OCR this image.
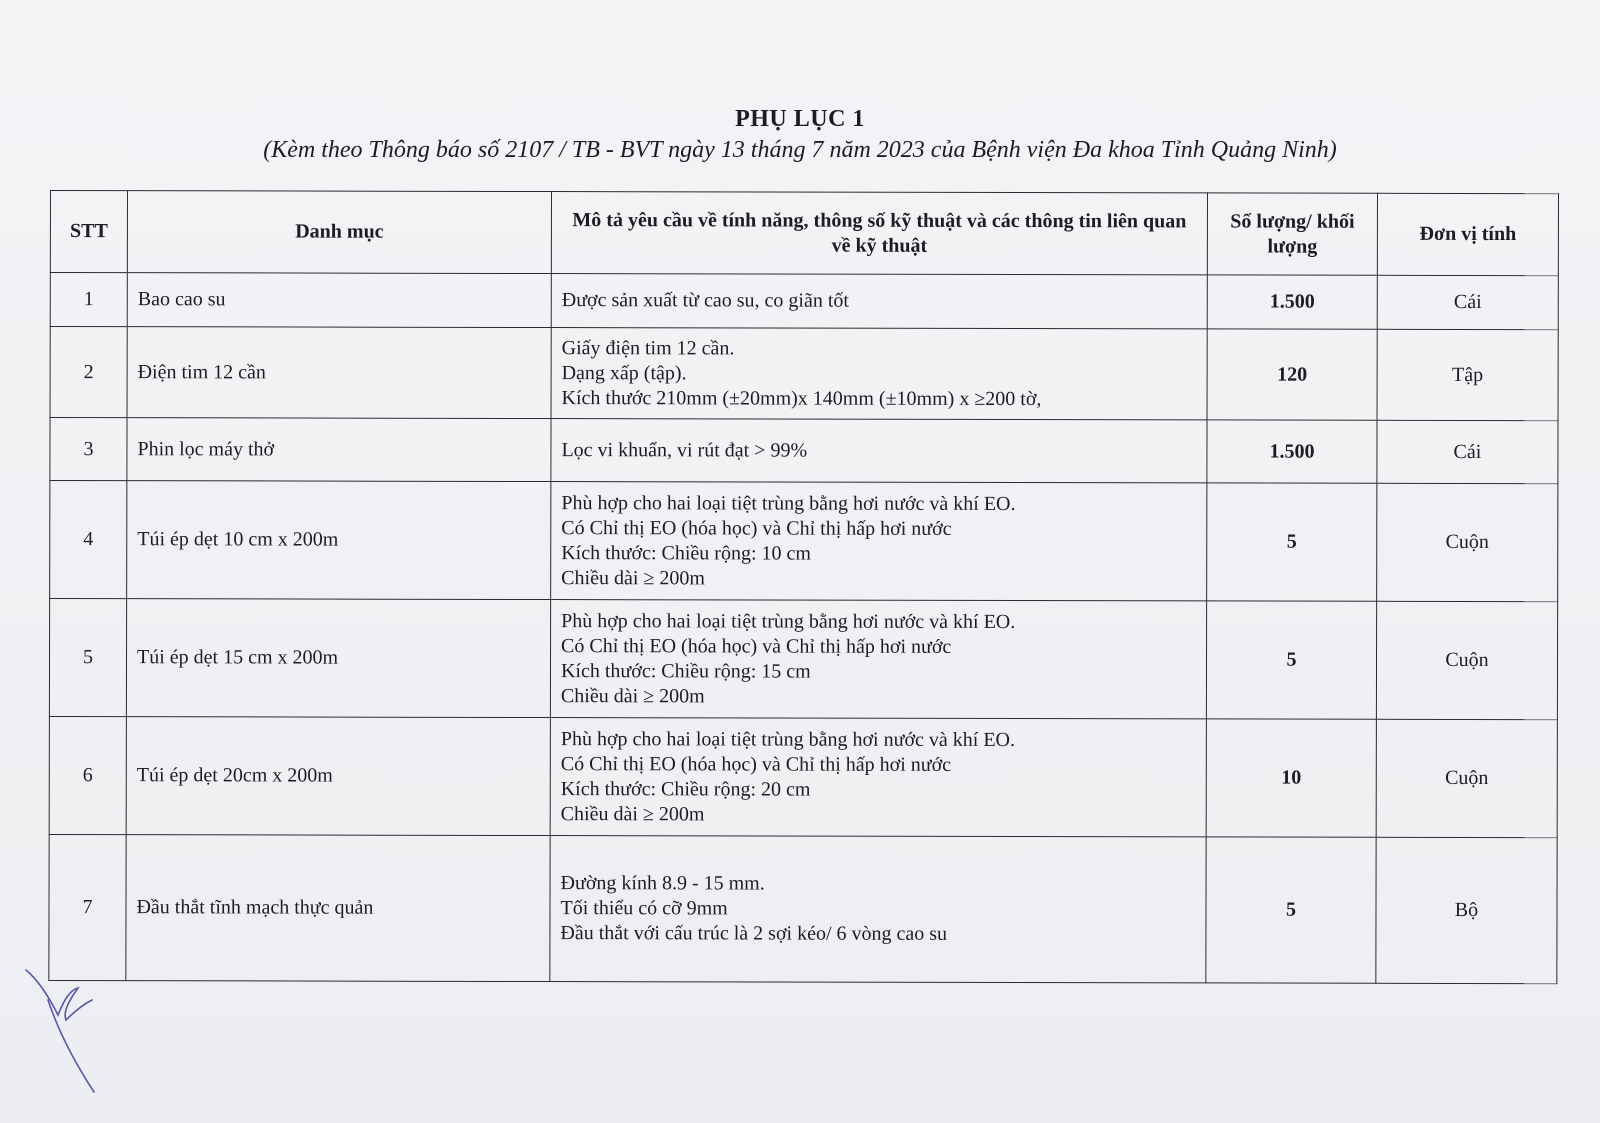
PHỤ LỤC 1
(Kèm theo Thông báo số 2107 / TB - BVT ngày 13 tháng 7 năm 2023 của Bệnh viện Đa khoa Tỉnh Quảng Ninh)
STT	Danh mục	Mô tả yêu cầu về tính năng, thông số kỹ thuật và các thông tin liên quan về kỹ thuật	Số lượng/ khối lượng	Đơn vị tính
1	Bao cao su	Được sản xuất từ cao su, co giãn tốt	1.500	Cái
2	Điện tim 12 cần	Giấy điện tim 12 cần.
Dạng xấp (tập).
Kích thước 210mm (±20mm)x 140mm (±10mm) x ≥200 tờ,	120	Tập
3	Phin lọc máy thở	Lọc vi khuẩn, vi rút đạt > 99%	1.500	Cái
4	Túi ép dẹt 10 cm x 200m	Phù hợp cho hai loại tiệt trùng bằng hơi nước và khí EO.
Có Chỉ thị EO (hóa học) và Chỉ thị hấp hơi nước
Kích thước: Chiều rộng: 10 cm
Chiều dài ≥ 200m	5	Cuộn
5	Túi ép dẹt 15 cm x 200m	Phù hợp cho hai loại tiệt trùng bằng hơi nước và khí EO.
Có Chỉ thị EO (hóa học) và Chỉ thị hấp hơi nước
Kích thước: Chiều rộng: 15 cm
Chiều dài ≥ 200m	5	Cuộn
6	Túi ép dẹt 20cm x 200m	Phù hợp cho hai loại tiệt trùng bằng hơi nước và khí EO.
Có Chỉ thị EO (hóa học) và Chỉ thị hấp hơi nước
Kích thước: Chiều rộng: 20 cm
Chiều dài ≥ 200m	10	Cuộn
7	Đầu thắt tĩnh mạch thực quản	Đường kính 8.9 - 15 mm.
Tối thiểu có cỡ 9mm
Đầu thắt với cấu trúc là 2 sợi kéo/ 6 vòng cao su	5	Bộ
